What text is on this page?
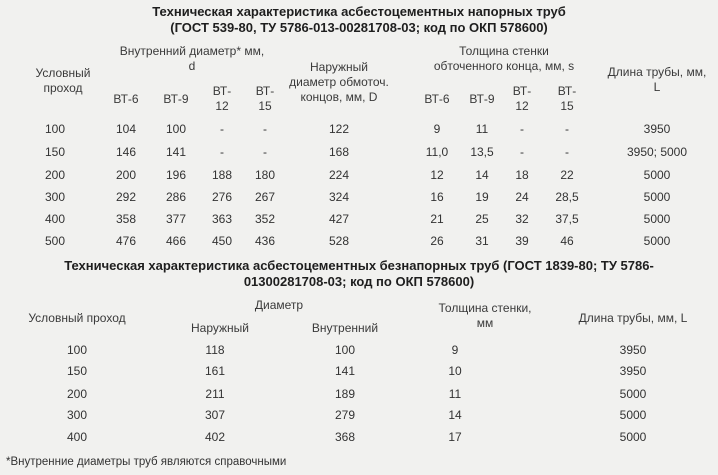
Техническая характеристика асбестоцементных напорных труб
(ГОСТ 539-80, ТУ 5786-013-00281708-03; код по ОКП 578600)
Условный
проход
Внутренний диаметр* мм,
d	Наружный
диаметр обмоточ.
концов, мм, D
Толщина стенки
обточенного конца, мм, s	Длина трубы, мм,
L
ВТ-6	ВТ-9
ВТ-
12
ВТ-
15	ВТ-6	ВТ-9
ВТ-
12
ВТ-
15
100	104	100	-	-	122	9	11	-	-	3950
150	146	141	-	-	168	11,0	13,5	-	-	3950; 5000
200	200	196	188	180	224	12	14	18	22	5000
300	292	286	276	267	324	16	19	24	28,5	5000
400	358	377	363	352	427	21	25	32	37,5	5000
500	476	466	450	436	528	26	31	39	46	5000
Техническая характеристика асбестоцементных безнапорных труб (ГОСТ 1839-80; ТУ 5786-
01300281708-03; код по ОКП 578600)
Условный проход
Диаметр
Наружный	Внутренний
Толщина стенки,
мм	Длина трубы, мм, L
100	118	100	9	3950
150	161	141	10	3950
200	211	189	11	5000
300	307	279	14	5000
400	402	368	17	5000
*Внутренние диаметры труб являются справочными
